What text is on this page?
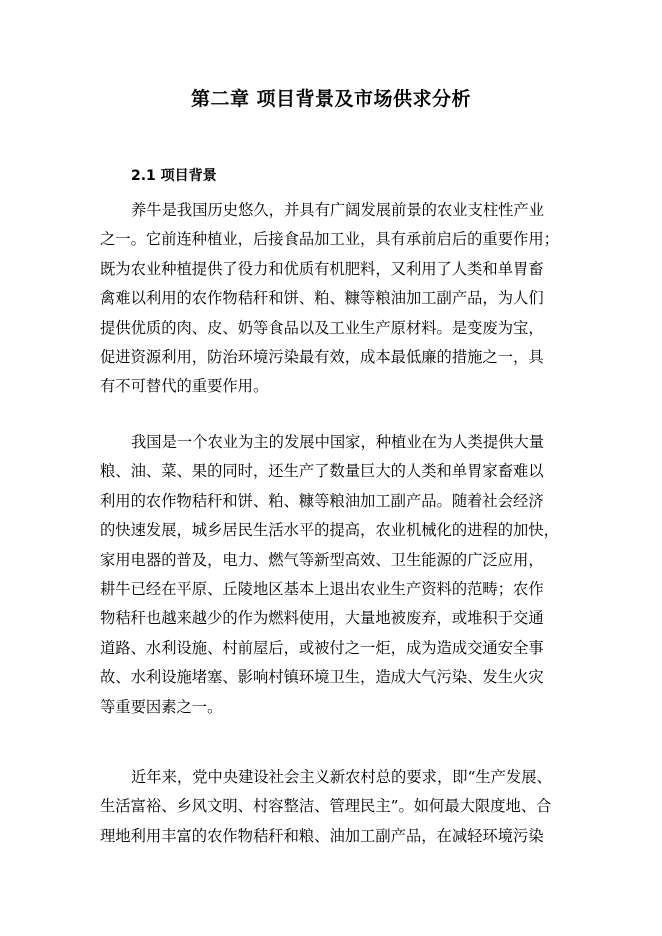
第二章 项目背景及市场供求分析
2.1 项目背景

养牛是我国历史悠久，并具有广阔发展前景的农业支柱性产业
之一。它前连种植业，后接食品加工业，具有承前启后的重要作用；
既为农业种植提供了役力和优质有机肥料，又利用了人类和单胃畜
禽难以利用的农作物秸秆和饼、粕、糠等粮油加工副产品，为人们
提供优质的肉、皮、奶等食品以及工业生产原材料。是变废为宝，
促进资源利用，防治环境污染最有效，成本最低廉的措施之一，具
有不可替代的重要作用。

我国是一个农业为主的发展中国家，种植业在为人类提供大量
粮、油、菜、果的同时，还生产了数量巨大的人类和单胃家畜难以
利用的农作物秸秆和饼、粕、糠等粮油加工副产品。随着社会经济
的快速发展，城乡居民生活水平的提高，农业机械化的进程的加快，
家用电器的普及，电力、燃气等新型高效、卫生能源的广泛应用，
耕牛已经在平原、丘陵地区基本上退出农业生产资料的范畴；农作
物秸秆也越来越少的作为燃料使用，大量地被废弃，或堆积于交通
道路、水利设施、村前屋后，或被付之一炬，成为造成交通安全事
故、水利设施堵塞、影响村镇环境卫生，造成大气污染、发生火灾
等重要因素之一。

近年来，党中央建设社会主义新农村总的要求，即“生产发展、
生活富裕、乡风文明、村容整洁、管理民主”。如何最大限度地、合
理地利用丰富的农作物秸秆和粮、油加工副产品，在减轻环境污染
